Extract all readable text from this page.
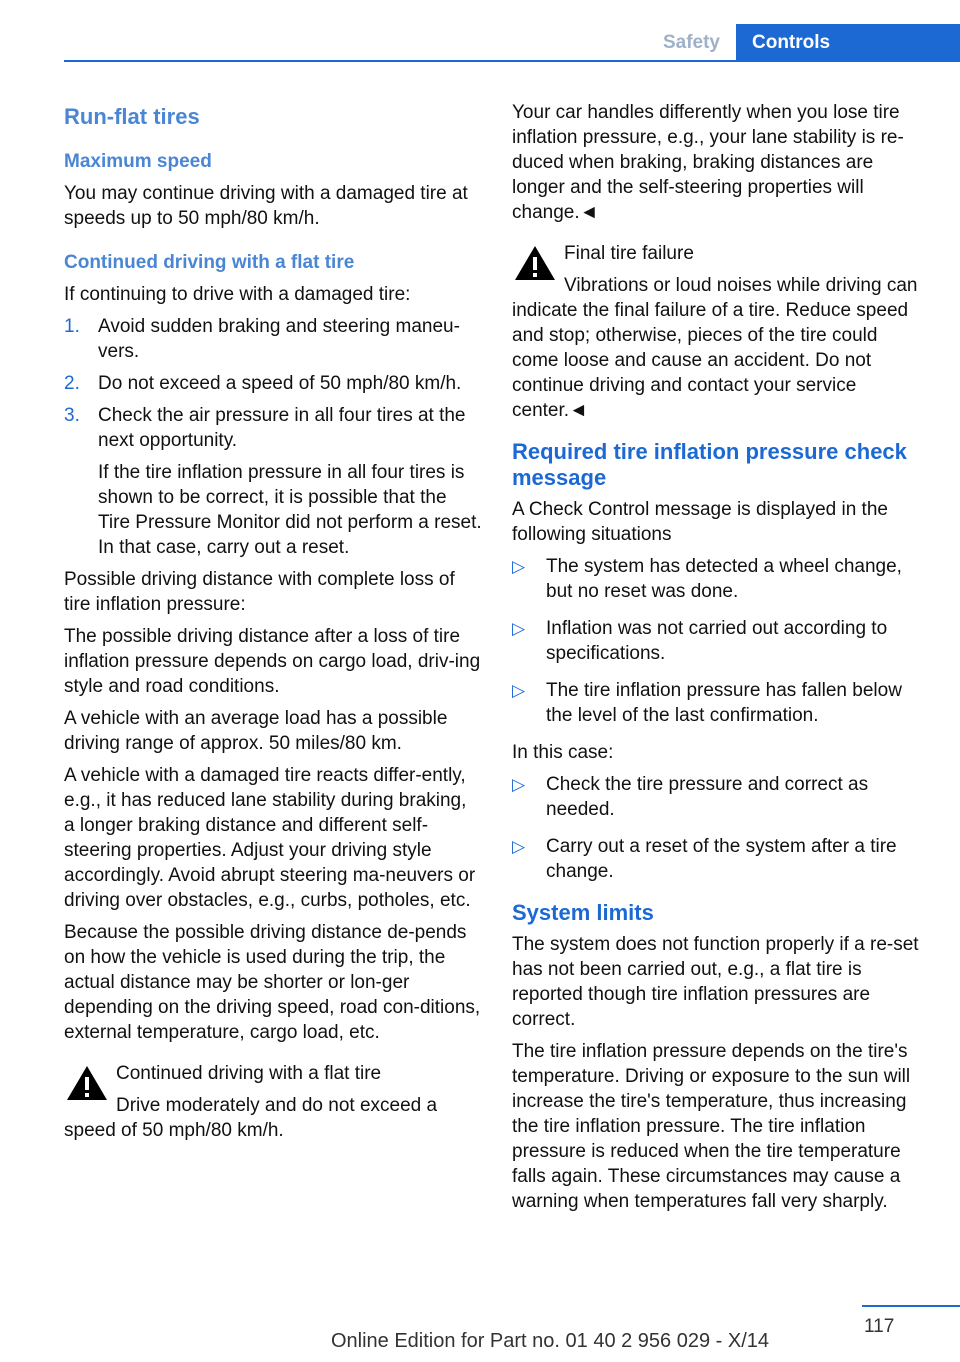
Safety	Controls
Run-flat tires
Maximum speed

You may continue driving with a damaged tire at speeds up to 50 mph/80 km/h.

Continued driving with a flat tire

If continuing to drive with a damaged tire:

1. Avoid sudden braking and steering maneu‐vers.
2. Do not exceed a speed of 50 mph/80 km/h.
3. Check the air pressure in all four tires at the next opportunity.
If the tire inflation pressure in all four tires is shown to be correct, it is possible that the Tire Pressure Monitor did not perform a reset. In that case, carry out a reset.

Possible driving distance with complete loss of tire inflation pressure:

The possible driving distance after a loss of tire inflation pressure depends on cargo load, driv‐ing style and road conditions.

A vehicle with an average load has a possible driving range of approx. 50 miles/80 km.

A vehicle with a damaged tire reacts differ‐ently, e.g., it has reduced lane stability during braking, a longer braking distance and different self-steering properties. Adjust your driving style accordingly. Avoid abrupt steering ma‐neuvers or driving over obstacles, e.g., curbs, potholes, etc.

Because the possible driving distance de‐pends on how the vehicle is used during the trip, the actual distance may be shorter or lon‐ger depending on the driving speed, road con‐ditions, external temperature, cargo load, etc.

Continued driving with a flat tire
Drive moderately and do not exceed a speed of 50 mph/80 km/h.

Your car handles differently when you lose tire inflation pressure, e.g., your lane stability is re‐duced when braking, braking distances are longer and the self-steering properties will change.◄

Final tire failure
Vibrations or loud noises while driving can indicate the final failure of a tire. Reduce speed and stop; otherwise, pieces of the tire could come loose and cause an accident. Do not continue driving and contact your service center.◄
Required tire inflation pressure check message

A Check Control message is displayed in the following situations

▷ The system has detected a wheel change, but no reset was done.
▷ Inflation was not carried out according to specifications.
▷ The tire inflation pressure has fallen below the level of the last confirmation.

In this case:

▷ Check the tire pressure and correct as needed.
▷ Carry out a reset of the system after a tire change.
System limits

The system does not function properly if a re‐set has not been carried out, e.g., a flat tire is reported though tire inflation pressures are correct.

The tire inflation pressure depends on the tire's temperature. Driving or exposure to the sun will increase the tire's temperature, thus increasing the tire inflation pressure. The tire inflation pressure is reduced when the tire temperature falls again. These circumstances may cause a warning when temperatures fall very sharply.

117
Online Edition for Part no. 01 40 2 956 029 - X/14
